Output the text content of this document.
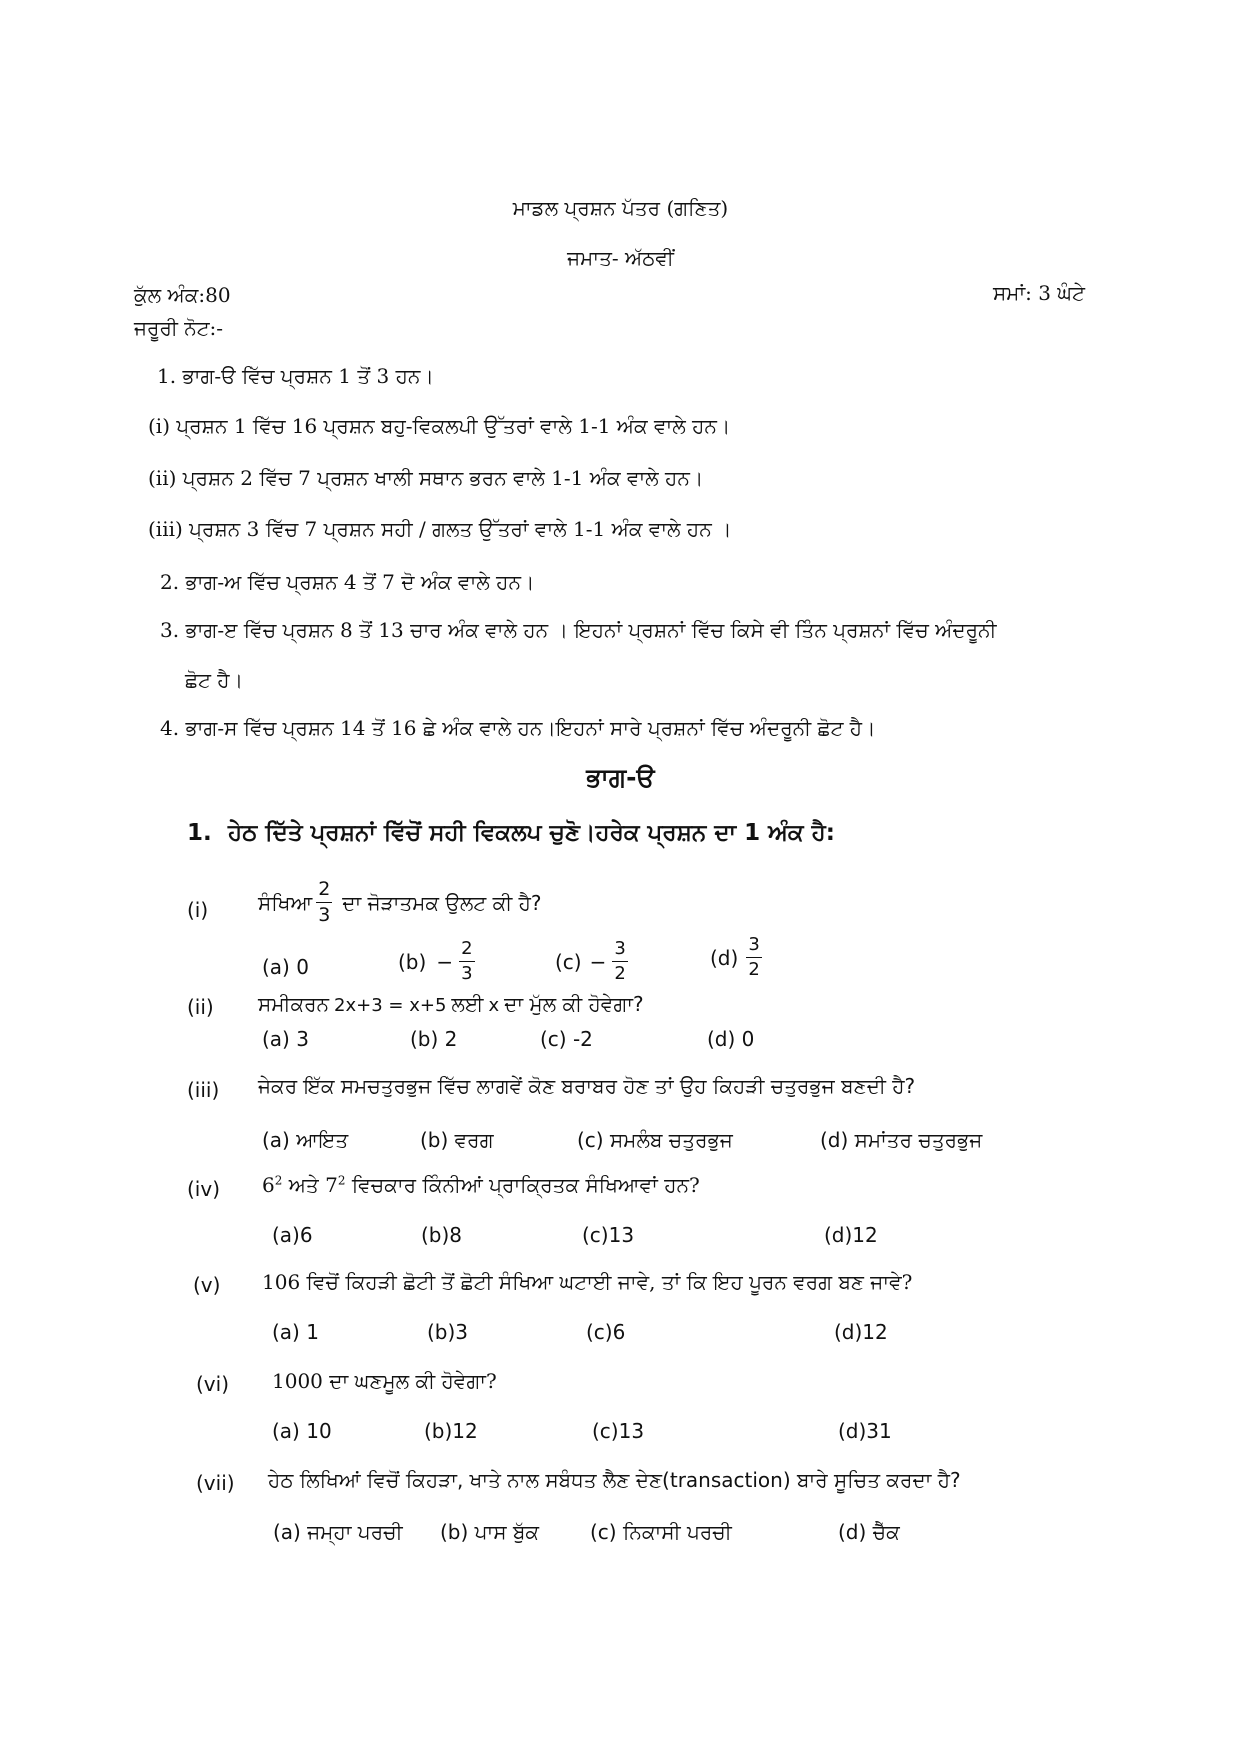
ਮਾਡਲ ਪ੍ਰਸ਼ਨ ਪੱਤਰ (ਗਣਿਤ)
ਜਮਾਤ- ਅੱਠਵੀਂ
ਕੁੱਲ ਅੰਕ:80	ਸਮਾਂ: 3 ਘੰਟੇ
ਜਰੂਰੀ ਨੋਟ:-
1. ਭਾਗ-ੳ ਵਿੱਚ ਪ੍ਰਸ਼ਨ 1 ਤੋਂ 3 ਹਨ।
(i) ਪ੍ਰਸ਼ਨ 1 ਵਿੱਚ 16 ਪ੍ਰਸ਼ਨ ਬਹੁ-ਵਿਕਲਪੀ ਉੱਤਰਾਂ ਵਾਲੇ 1-1 ਅੰਕ ਵਾਲੇ ਹਨ।
(ii) ਪ੍ਰਸ਼ਨ 2 ਵਿੱਚ 7 ਪ੍ਰਸ਼ਨ ਖਾਲੀ ਸਥਾਨ ਭਰਨ ਵਾਲੇ 1-1 ਅੰਕ ਵਾਲੇ ਹਨ।
(iii) ਪ੍ਰਸ਼ਨ 3 ਵਿੱਚ 7 ਪ੍ਰਸ਼ਨ ਸਹੀ / ਗਲਤ ਉੱਤਰਾਂ ਵਾਲੇ 1-1 ਅੰਕ ਵਾਲੇ ਹਨ ।
2. ਭਾਗ-ਅ ਵਿੱਚ ਪ੍ਰਸ਼ਨ 4 ਤੋਂ 7 ਦੋ ਅੰਕ ਵਾਲੇ ਹਨ।
3. ਭਾਗ-ੲ ਵਿੱਚ ਪ੍ਰਸ਼ਨ 8 ਤੋਂ 13 ਚਾਰ ਅੰਕ ਵਾਲੇ ਹਨ । ਇਹਨਾਂ ਪ੍ਰਸ਼ਨਾਂ ਵਿੱਚ ਕਿਸੇ ਵੀ ਤਿੰਨ ਪ੍ਰਸ਼ਨਾਂ ਵਿੱਚ ਅੰਦਰੂਨੀ
ਛੋਟ ਹੈ।
4. ਭਾਗ-ਸ ਵਿੱਚ ਪ੍ਰਸ਼ਨ 14 ਤੋਂ 16 ਛੇ ਅੰਕ ਵਾਲੇ ਹਨ।ਇਹਨਾਂ ਸਾਰੇ ਪ੍ਰਸ਼ਨਾਂ ਵਿੱਚ ਅੰਦਰੂਨੀ ਛੋਟ ਹੈ।
ਭਾਗ-ੳ
1. ਹੇਠ ਦਿੱਤੇ ਪ੍ਰਸ਼ਨਾਂ ਵਿੱਚੋਂ ਸਹੀ ਵਿਕਲਪ ਚੁਣੋ।ਹਰੇਕ ਪ੍ਰਸ਼ਨ ਦਾ 1 ਅੰਕ ਹੈ:
(i) ਸੰਖਿਆ $\frac{2}{3}$ ਦਾ ਜੋੜਾਤਮਕ ਉਲਟ ਕੀ ਹੈ?
(a) 0	$(b) - \frac{2}{3}$	$(c) - \frac{3}{2}$	$(d) \frac{3}{2}$
(ii) ਸਮੀਕਰਨ 2x+3 = x+5 ਲਈ x ਦਾ ਮੁੱਲ ਕੀ ਹੋਵੇਗਾ?
(a) 3	(b) 2	(c) -2	(d) 0
(iii) ਜੇਕਰ ਇੱਕ ਸਮਚਤੁਰਭੁਜ ਵਿੱਚ ਲਾਗਵੇਂ ਕੋਣ ਬਰਾਬਰ ਹੋਣ ਤਾਂ ਉਹ ਕਿਹੜੀ ਚਤੁਰਭੁਜ ਬਣਦੀ ਹੈ?
(a) ਆਇਤ	(b) ਵਰਗ	(c) ਸਮਲੰਬ ਚਤੁਰਭੁਜ	(d) ਸਮਾਂਤਰ ਚਤੁਰਭੁਜ
(iv) $6^2$ ਅਤੇ $7^2$ ਵਿਚਕਾਰ ਕਿੰਨੀਆਂ ਪ੍ਰਾਕ੍ਰਿਤਕ ਸੰਖਿਆਵਾਂ ਹਨ?
(a)6	(b)8	(c)13	(d)12
(v) 106 ਵਿਚੋਂ ਕਿਹੜੀ ਛੋਟੀ ਤੋਂ ਛੋਟੀ ਸੰਖਿਆ ਘਟਾਈ ਜਾਵੇ, ਤਾਂ ਕਿ ਇਹ ਪੂਰਨ ਵਰਗ ਬਣ ਜਾਵੇ?
(a) 1	(b)3	(c)6	(d)12
(vi) 1000 ਦਾ ਘਣਮੂਲ ਕੀ ਹੋਵੇਗਾ?
(a) 10	(b)12	(c)13	(d)31
(vii) ਹੇਠ ਲਿਖਿਆਂ ਵਿਚੋਂ ਕਿਹੜਾ, ਖਾਤੇ ਨਾਲ ਸਬੰਧਤ ਲੈਣ ਦੇਣ(transaction) ਬਾਰੇ ਸੂਚਿਤ ਕਰਦਾ ਹੈ?
(a) ਜਮ੍ਹਾ ਪਰਚੀ (b) ਪਾਸ ਬੁੱਕ	(c) ਨਿਕਾਸੀ ਪਰਚੀ	(d) ਚੈੱਕ
